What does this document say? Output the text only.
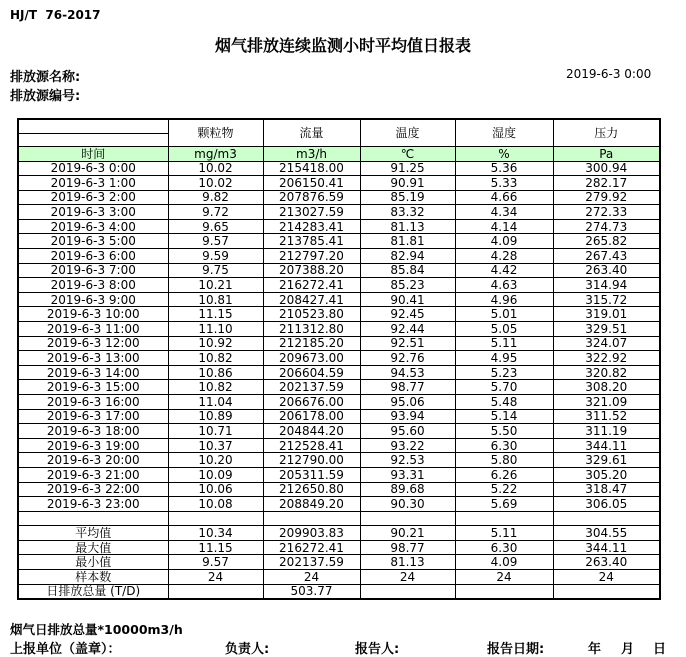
HJ/T  76-2017
烟气排放连续监测小时平均值日报表
排放源名称:
排放源编号:
2019-6-3 0:00
	颗粒物	流量	温度	湿度	压力

时间	mg/m3	m3/h	℃	%	Pa
2019-6-3 0:00	10.02	215418.00	91.25	5.36	300.94
2019-6-3 1:00	10.02	206150.41	90.91	5.33	282.17
2019-6-3 2:00	9.82	207876.59	85.19	4.66	279.92
2019-6-3 3:00	9.72	213027.59	83.32	4.34	272.33
2019-6-3 4:00	9.65	214283.41	81.13	4.14	274.73
2019-6-3 5:00	9.57	213785.41	81.81	4.09	265.82
2019-6-3 6:00	9.59	212797.20	82.94	4.28	267.43
2019-6-3 7:00	9.75	207388.20	85.84	4.42	263.40
2019-6-3 8:00	10.21	216272.41	85.23	4.63	314.94
2019-6-3 9:00	10.81	208427.41	90.41	4.96	315.72
2019-6-3 10:00	11.15	210523.80	92.45	5.01	319.01
2019-6-3 11:00	11.10	211312.80	92.44	5.05	329.51
2019-6-3 12:00	10.92	212185.20	92.51	5.11	324.07
2019-6-3 13:00	10.82	209673.00	92.76	4.95	322.92
2019-6-3 14:00	10.86	206604.59	94.53	5.23	320.82
2019-6-3 15:00	10.82	202137.59	98.77	5.70	308.20
2019-6-3 16:00	11.04	206676.00	95.06	5.48	321.09
2019-6-3 17:00	10.89	206178.00	93.94	5.14	311.52
2019-6-3 18:00	10.71	204844.20	95.60	5.50	311.19
2019-6-3 19:00	10.37	212528.41	93.22	6.30	344.11
2019-6-3 20:00	10.20	212790.00	92.53	5.80	329.61
2019-6-3 21:00	10.09	205311.59	93.31	6.26	305.20
2019-6-3 22:00	10.06	212650.80	89.68	5.22	318.47
2019-6-3 23:00	10.08	208849.20	90.30	5.69	306.05

平均值	10.34	209903.83	90.21	5.11	304.55
最大值	11.15	216272.41	98.77	6.30	344.11
最小值	9.57	202137.59	81.13	4.09	263.40
样本数	24	24	24	24	24
日排放总量 (T/D)		503.77			
烟气日排放总量*10000m3/h
上报单位（盖章）：	负责人:	报告人:	报告日期:	年 月 日
